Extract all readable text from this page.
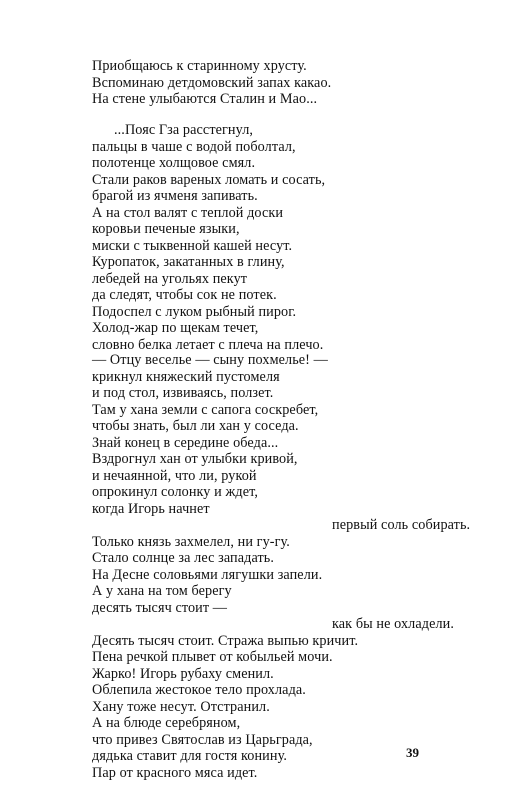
Приобщаюсь к старинному хрусту.
Вспоминаю детдомовский запах какао.
На стене улыбаются Сталин и Мао...
...Пояс Гза расстегнул,
пальцы в чаше с водой поболтал,
полотенце холщовое смял.
Стали раков вареных ломать и сосать,
брагой из ячменя запивать.
А на стол валят с теплой доски
коровьи печеные языки,
миски с тыквенной кашей несут.
Куропаток, закатанных в глину,
лебедей на угольях пекут
да следят, чтобы сок не потек.
Подоспел с луком рыбный пирог.
Холод-жар по щекам течет,
словно белка летает с плеча на плечо.
— Отцу веселье — сыну похмелье! —
крикнул княжеский пустомеля
и под стол, извиваясь, ползет.
Там у хана земли с сапога соскребет,
чтобы знать, был ли хан у соседа.
Знай конец в середине обеда...
Вздрогнул хан от улыбки кривой,
и нечаянной, что ли, рукой
опрокинул солонку и ждет,
когда Игорь начнет
первый соль собирать.
Только князь захмелел, ни гу-гу.
Стало солнце за лес западать.
На Десне соловьями лягушки запели.
А у хана на том берегу
десять тысяч стоит —
как бы не охладели.
Десять тысяч стоит. Стража выпью кричит.
Пена речкой плывет от кобыльей мочи.
Жарко! Игорь рубаху сменил.
Облепила жестокое тело прохлада.
Хану тоже несут. Отстранил.
А на блюде серебряном,
что привез Святослав из Царьграда,
дядька ставит для гостя конину.
Пар от красного мяса идет.
39
